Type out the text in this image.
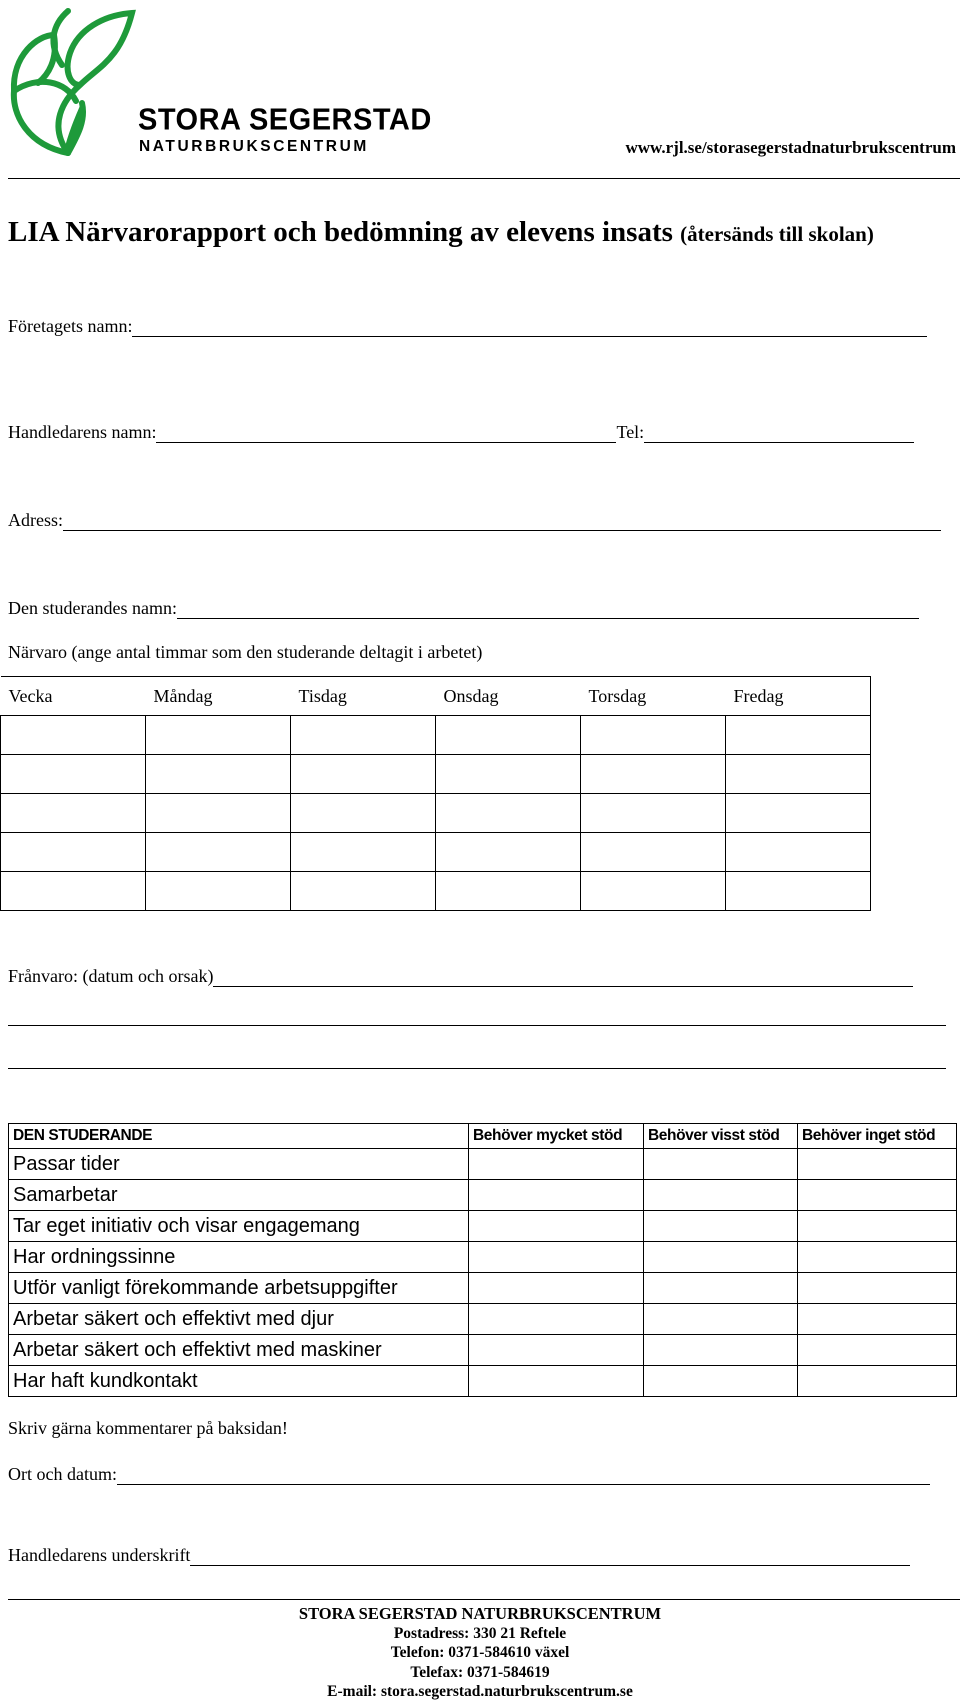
STORA SEGERSTAD
NATURBRUKSCENTRUM	www.rjl.se/storasegerstadnaturbrukscentrum
LIA Närvarorapport och bedömning av elevens insats (återsänds till skolan)
Företagets namn:
Handledarens namn:	Tel:
Adress:
Den studerandes namn:
Närvaro (ange antal timmar som den studerande deltagit i arbetet)
Vecka	Måndag	Tisdag	Onsdag	Torsdag	Fredag

Frånvaro: (datum och orsak)
DEN STUDERANDE	Behöver mycket stöd	Behöver visst stöd	Behöver inget stöd
Passar tider			
Samarbetar			
Tar eget initiativ och visar engagemang			
Har ordningssinne			
Utför vanligt förekommande arbetsuppgifter			
Arbetar säkert och effektivt med djur			
Arbetar säkert och effektivt med maskiner			
Har haft kundkontakt			
Skriv gärna kommentarer på baksidan!
Ort och datum:
Handledarens underskrift
STORA SEGERSTAD NATURBRUKSCENTRUM
Postadress: 330 21 Reftele
Telefon: 0371-584610 växel
Telefax: 0371-584619
E-mail: stora.segerstad.naturbrukscentrum.se
